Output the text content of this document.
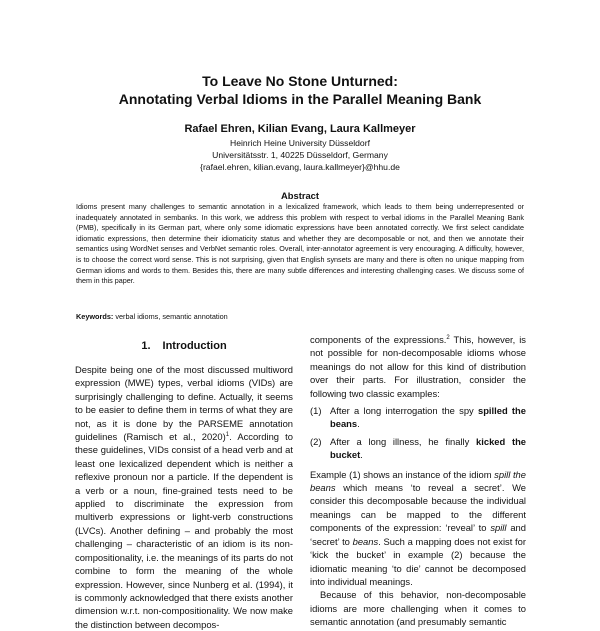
To Leave No Stone Unturned:
Annotating Verbal Idioms in the Parallel Meaning Bank
Rafael Ehren, Kilian Evang, Laura Kallmeyer
Heinrich Heine University Düsseldorf
Universitätsstr. 1, 40225 Düsseldorf, Germany
{rafael.ehren, kilian.evang, laura.kallmeyer}@hhu.de
Abstract

Idioms present many challenges to semantic annotation in a lexicalized framework, which leads to them being underrepresented or inadequately annotated in sembanks. In this work, we address this problem with respect to verbal idioms in the Parallel Meaning Bank (PMB), specifically in its German part, where only some idiomatic expressions have been annotated correctly. We first select candidate idiomatic expressions, then determine their idiomaticity status and whether they are decomposable or not, and then we annotate their semantics using WordNet senses and VerbNet semantic roles. Overall, inter-annotator agreement is very encouraging. A difficulty, however, is to choose the correct word sense. This is not surprising, given that English synsets are many and there is often no unique mapping from German idioms and words to them. Besides this, there are many subtle differences and interesting challenging cases. We discuss some of them in this paper.

Keywords: verbal idioms, semantic annotation
1. Introduction

Despite being one of the most discussed multiword expression (MWE) types, verbal idioms (VIDs) are surprisingly challenging to define. Actually, it seems to be easier to define them in terms of what they are not, as it is done by the PARSEME annotation guidelines (Ramisch et al., 2020)$^1$. According to these guidelines, VIDs consist of a head verb and at least one lexicalized dependent which is neither a reflexive pronoun nor a particle. If the dependent is a verb or a noun, fine-grained tests need to be applied to discriminate the expression from multiverb expressions or light-verb constructions (LVCs). Another defining – and probably the most challenging – characteristic of an idiom is its non-compositionality, i.e. the meanings of its parts do not combine to form the meaning of the whole expression. However, since Nunberg et al. (1994), it is commonly acknowledged that there exists another dimension w.r.t. non-compositionality. We now make the distinction between decompos-

components of the expressions.$^2$ This, however, is not possible for non-decomposable idioms whose meanings do not allow for this kind of distribution over their parts. For illustration, consider the following two classic examples:

(1) After a long interrogation the spy spilled the beans.
(2) After a long illness, he finally kicked the bucket.

Example (1) shows an instance of the idiom spill the beans which means ‘to reveal a secret’. We consider this decomposable because the individual meanings can be mapped to the different components of the expression: ‘reveal’ to spill and ‘secret’ to beans. Such a mapping does not exist for ‘kick the bucket’ in example (2) because the idiomatic meaning ‘to die’ cannot be decomposed into individual meanings.

Because of this behavior, non-decomposable idioms are more challenging when it comes to semantic annotation (and presumably semantic
